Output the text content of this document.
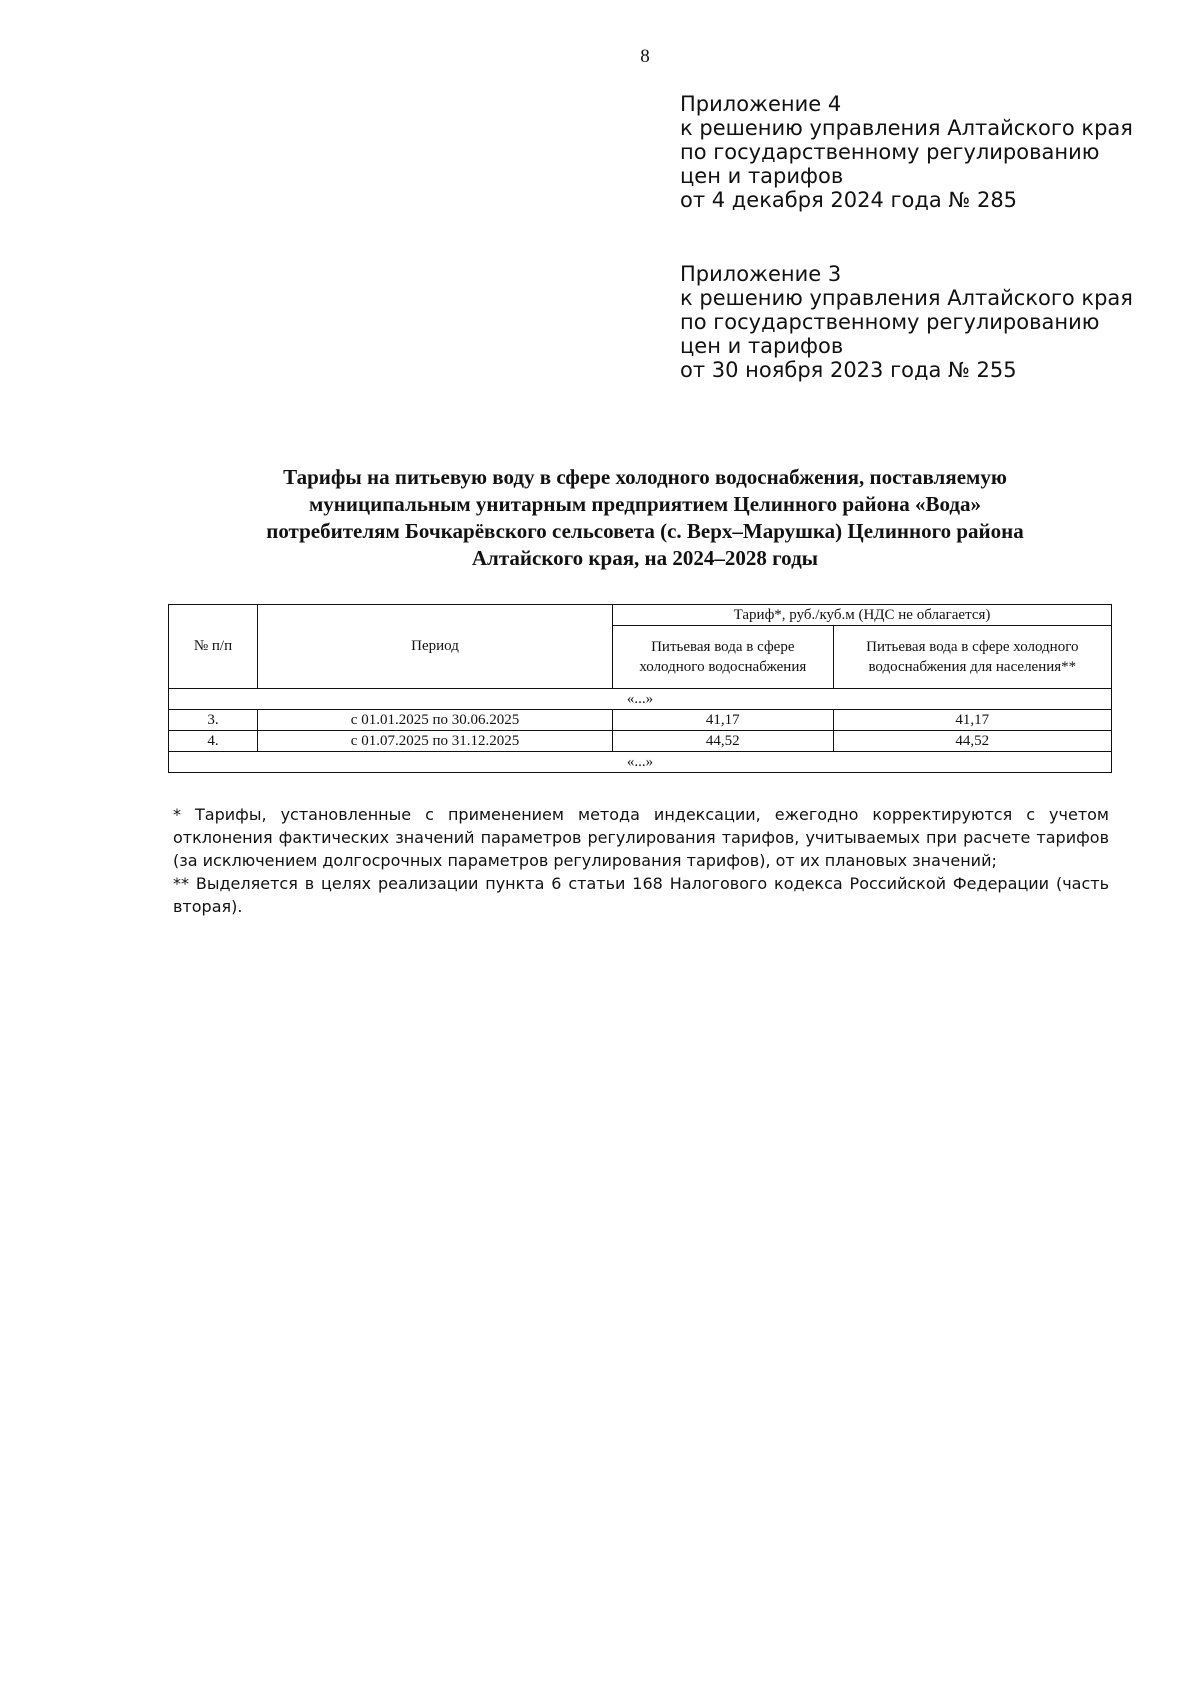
8
Приложение 4
к решению управления Алтайского края
по государственному регулированию
цен и тарифов
от 4 декабря 2024 года № 285
Приложение 3
к решению управления Алтайского края
по государственному регулированию
цен и тарифов
от 30 ноября 2023 года № 255
Тарифы на питьевую воду в сфере холодного водоснабжения, поставляемую
муниципальным унитарным предприятием Целинного района «Вода»
потребителям Бочкарёвского сельсовета (с. Верх–Марушка) Целинного района
Алтайского края, на 2024–2028 годы
№ п/п	Период	Тариф*, руб./куб.м (НДС не облагается)	
		Питьевая вода в сфере холодного водоснабжения	Питьевая вода в сфере холодного водоснабжения для населения**
«...»			
3.	с 01.01.2025 по 30.06.2025	41,17	41,17
4.	с 01.07.2025 по 31.12.2025	44,52	44,52
«...»			

* Тарифы, установленные с применением метода индексации, ежегодно корректируются с учетом отклонения фактических значений параметров регулирования тарифов, учитываемых при расчете тарифов (за исключением долгосрочных параметров регулирования тарифов), от их плановых значений;

** Выделяется в целях реализации пункта 6 статьи 168 Налогового кодекса Российской Федерации (часть вторая).
